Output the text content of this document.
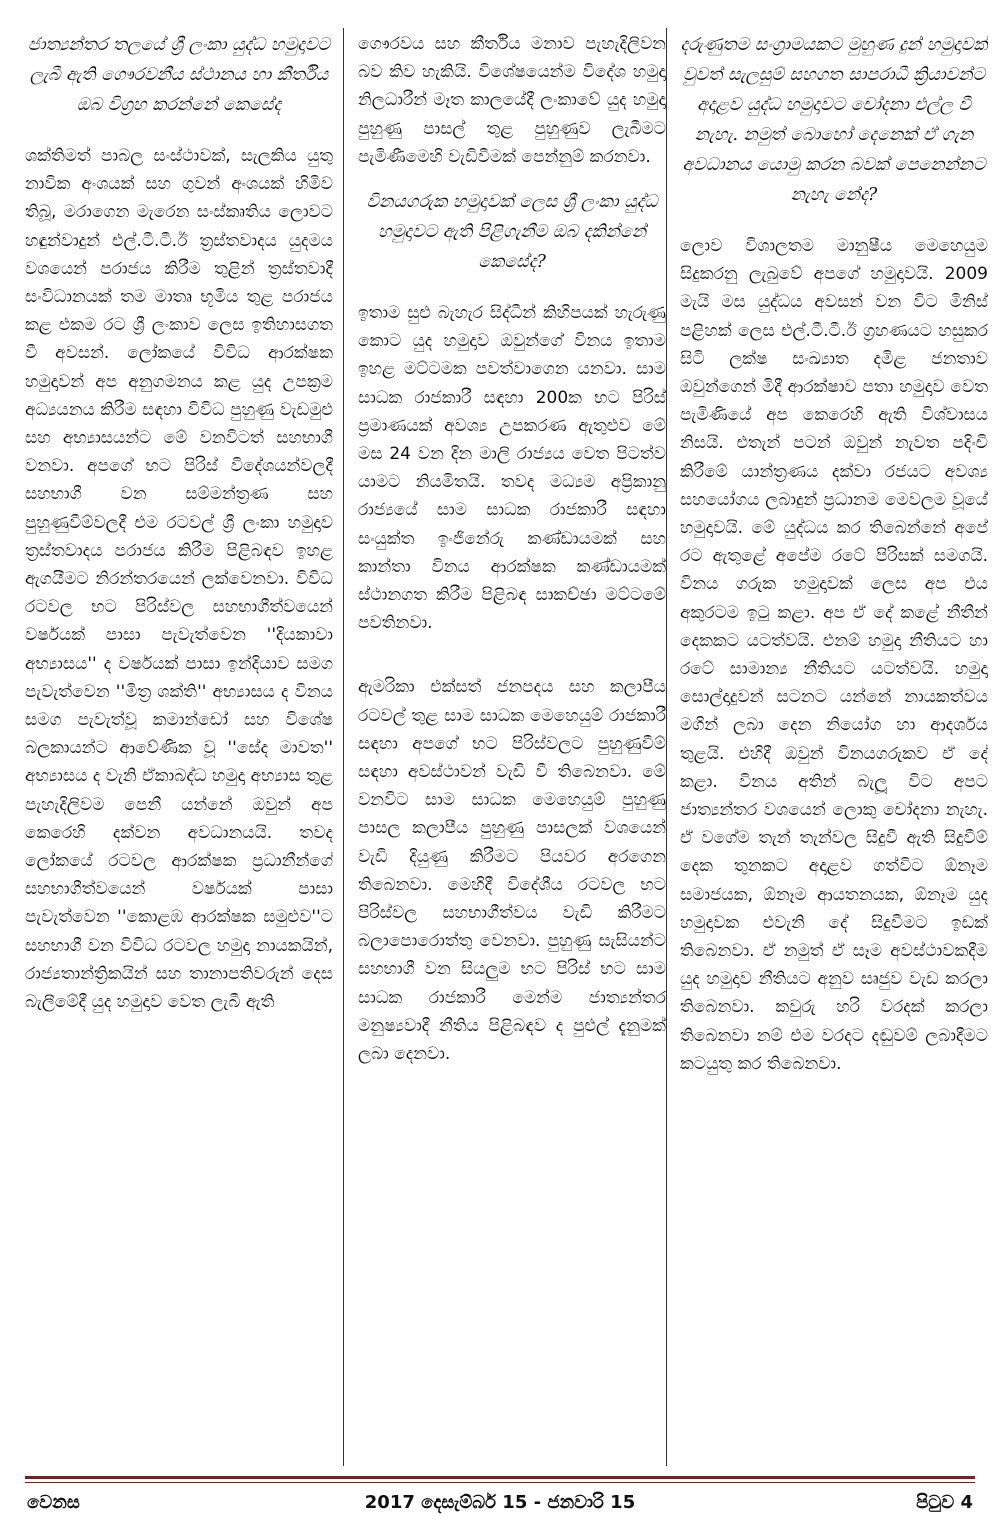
ජාත්‍යන්තර තලයේ ශ්‍රී ලංකා යුද්ධ හමුදාවට ලැබී ඇති ගෞරවනීය ස්ථානය හා කීර්තිය ඔබ විග්‍රහ කරන්නේ කෙසේද

ශක්තිමත් පාබල සංස්ථාවක්, සැලකිය යුතු නාවික අංශයක් සහ ගුවන් අංශයක් හිමිව තිබූ, මරාගෙන මැරෙන සංස්කෘතිය ලොවට හඳුන්වාදුන් එල්.ටී.ටී.ඊ ත්‍රස්තවාදය යුදමය වශයෙන් පරාජය කිරීම තුළින් ත්‍රස්තවාදී සංවිධානයක් තම මාතෘ භූමිය තුළ පරාජය කළ එකම රට ශ්‍රී ලංකාව ලෙස ඉතිහාසගත වී අවසන්. ලෝකයේ විවිධ ආරක්ෂක හමුදාවන් අප අනුගමනය කළ යුද උපක්‍රම අධ්‍යයනය කිරීම සඳහා විවිධ පුහුණු වැඩමුළු සහ අභ්‍යාසයන්ට මේ වනවිටත් සහභාගී වනවා. අපගේ භට පිරිස් විදේශයන්වලදී සහභාගී වන සම්මන්ත්‍රණ සහ පුහුණුවීම්වලදී එම රටවල් ශ්‍රී ලංකා හමුදාව ත්‍රස්තවාදය පරාජය කිරීම පිළිබඳව ඉහළ ඇගයීමට නිරන්තරයෙන් ලක්වෙනවා. විවිධ රටවල භට පිරිස්වල සහභාගීත්වයෙන් වර්ෂයක් පාසා පැවැත්වෙන ''දියකාවා අභ්‍යාසය'' ද වර්ෂයක් පාසා ඉන්දියාව සමග පැවැත්වෙන ''මිත්‍ර ශක්ති'' අභ්‍යාසය ද විනය සමග පැවැත්වූ කමාන්ඩෝ සහ විශේෂ බලකායන්ට ආවේණික වූ ''සේද මාවත'' අභ්‍යාසය ද වැනි ඒකාබද්ධ හමුදා අභ්‍යාස තුළ පැහැදිලිවම පෙනී යන්නේ ඔවුන් අප කෙරෙහි දක්වන අවධානයයි. තවද ලෝකයේ රටවල ආරක්ෂක ප්‍රධානීන්ගේ සහභාගීත්වයෙන් වර්ෂයක් පාසා පැවැත්වෙන ''කොළඹ ආරක්ෂක සමුළුව''ට සහභාගී වන විවිධ රටවල හමුදා නායකයින්, රාජ්‍යතාන්ත්‍රිකයින් සහ තානාපතිවරුන් දෙස බැලීමේදී යුද හමුදාව වෙත ලැබී ඇති

ගෞරවය සහ කීර්තිය මනාව පැහැදිලිවන බව කිව හැකියි. විශේෂයෙන්ම විදේශ හමුදා නිලධාරීන් මෑත කාලයේදී ලංකාවේ යුද හමුදා පුහුණු පාසල් තුළ පුහුණුව ලැබීමට පැමිණීමෙහි වැඩිවීමක් පෙන්නුම් කරනවා.

විනයගරුක හමුදාවක් ලෙස ශ්‍රී ලංකා යුද්ධ හමුදාවට ඇති පිළිගැනීම ඔබ දකින්නේ කෙසේද?

ඉතාම සුළු බැහැර සිද්ධීන් කිහිපයක් හැරුණු කොට යුද හමුදාව ඔවුන්ගේ විනය ඉතාම ඉහළ මට්ටමක පවත්වාගෙන යනවා. සාම සාධක රාජකාරී සඳහා 200ක භට පිරිස් ප්‍රමාණයක් අවශ්‍ය උපකරණ ඇතුළුව මේ මස 24 වන දින මාලි රාජ්‍යය වෙත පිටත්ව යාමට නියමිතයි. තවද මධ්‍යම අප්‍රිකානු රාජ්‍යයේ සාම සාධක රාජකාරී සඳහා සංයුක්ත ඉංජිනේරු කණ්ඩායමක් සහ කාන්තා විනය ආරක්ෂක කණ්ඩායමක් ස්ථානගත කිරීම පිළිබඳ සාකච්ඡා මට්ටමේ පවතිනවා.

ඇමරිකා එක්සත් ජනපදය සහ කලාපීය රටවල් තුළ සාම සාධක මෙහෙයුම් රාජකාරී සඳහා අපගේ භට පිරිස්වලට පුහුණුවීම් සඳහා අවස්ථාවන් වැඩි වී තිබෙනවා. මේ වනවිට සාම සාධක මෙහෙයුම් පුහුණු පාසල කලාපීය පුහුණු පාසලක් වශයෙන් වැඩි දියුණු කිරීමට පියවර අරගෙන තිබෙනවා. මෙහිදී විදේශීය රටවල භට පිරිස්වල සහභාගීත්වය වැඩි කිරීමට බලාපොරොත්තු වෙනවා. පුහුණු සැසියන්ට සහභාගී වන සියලුම භට පිරිස් භට සාම සාධක රාජකාරී මෙන්ම ජාත්‍යන්තර මනුෂ්‍යවාදී නීතිය පිළිබඳව ද පුළුල් දැනුමක් ලබා දෙනවා.

දරුණුතම සංග්‍රාමයකට මුහුණ දුන් හමුදාවක් වුවත් සැලසුම් සහගත සාපරාධී ක්‍රියාවන්ට අදාළව යුද්ධ හමුදාවට චෝදනා එල්ල වී නැහැ. නමුත් බොහෝ දෙනෙක් ඒ ගැන අවධානය යොමු කරන බවක් පෙනෙන්නට නැහැ නේද?

ලොව විශාලතම මානුෂීය මෙහෙයුම සිදුකරනු ලැබුවේ අපගේ හමුදාවයි. 2009 මැයි මස යුද්ධය අවසන් වන විට මිනිස් පළිහක් ලෙස එල්.ටී.ටී.ඊ ග්‍රහණයට හසුකර සිටි ලක්ෂ සංඛ්‍යාත දමිළ ජනතාව ඔවුන්ගෙන් මිදී ආරක්ෂාව පතා හමුදාව වෙත පැමිණියේ අප කෙරෙහි ඇති විශ්වාසය නිසයි. එතැන් පටන් ඔවුන් නැවත පදිංචි කිරීමේ යාන්ත්‍රණය දක්වා රජයට අවශ්‍ය සහයෝගය ලබාදුන් ප්‍රධානම මෙවලම වූයේ හමුදාවයි. මේ යුද්ධය කර තිබෙන්නේ අපේ රට ඇතුළේ අපේම රටේ පිරිසක් සමගයි. විනය ගරුක හමුදාවක් ලෙස අප එය අකුරටම ඉටු කළා. අප ඒ දේ කළේ නීතීන් දෙකකට යටත්වයි. එනම් හමුදා නීතියට හා රටේ සාමාන්‍ය නීතියට යටත්වයි. හමුදා සොල්දාදුවන් සටනට යන්නේ නායකත්වය මගින් ලබා දෙන නියෝග හා ආදර්ශය තුළයි. එහිදී ඔවුන් විනයගරුකව ඒ දේ කළා. විනය අතින් බැලූ විට අපට ජාත්‍යන්තර වශයෙන් ලොකු චෝදනා නැහැ. ඒ වගේම තැන් තැන්වල සිදුවී ඇති සිදුවීම් දෙක තුනකට අදාළව ගත්විට ඕනෑම සමාජයක, ඕනෑම ආයතනයක, ඕනෑම යුද හමුදාවක එවැනි දේ සිදුවීමට ඉඩක් තිබෙනවා. ඒ නමුත් ඒ සෑම අවස්ථාවකදීම යුද හමුදාව නීතියට අනුව සෘජුව වැඩ කරලා තිබෙනවා. කවුරු හරි වරදක් කරලා තිබෙනවා නම් එම වරදට දඬුවම් ලබාදීමට කටයුතු කර තිබෙනවා.

2017 දෙසැම්බර් 15 - ජනවාරි 15
වෙනස	පිටුව 4
